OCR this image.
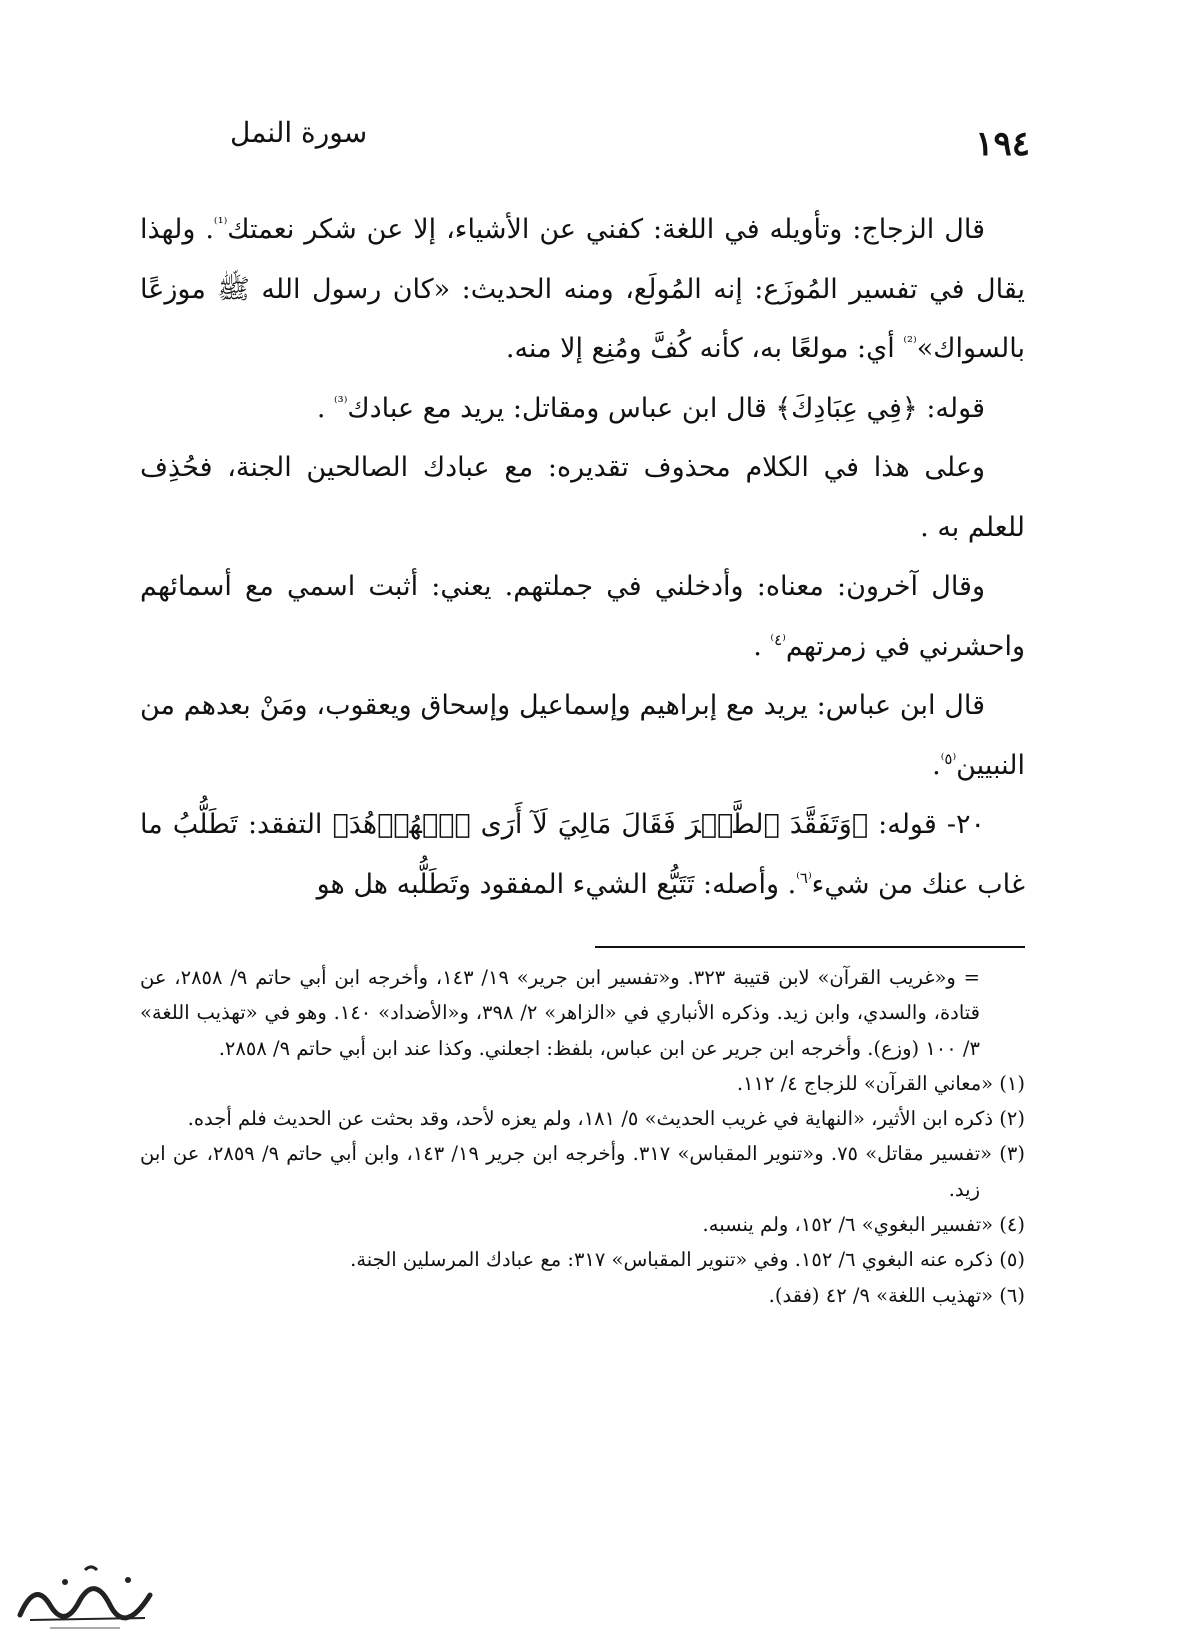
١٩٤
سورة النمل

قال الزجاج: وتأويله في اللغة: كفني عن الأشياء، إلا عن شكر نعمتك$^{^{(1)}}$. ولهذا يقال في تفسير المُوزَع: إنه المُولَع، ومنه الحديث: «كان رسول الله ﷺ موزعًا بالسواك»$^{^{(2)}}$ أي: مولعًا به، كأنه كُفَّ ومُنِع إلا منه.

قوله: ﴿فِي عِبَادِكَ﴾ قال ابن عباس ومقاتل: يريد مع عبادك$^{^{(3)}}$ .

وعلى هذا في الكلام محذوف تقديره: مع عبادك الصالحين الجنة، فحُذِف للعلم به .

وقال آخرون: معناه: وأدخلني في جملتهم. يعني: أثبت اسمي مع أسمائهم واحشرني في زمرتهم$^{^(٤^)}$ .

قال ابن عباس: يريد مع إبراهيم وإسماعيل وإسحاق ويعقوب، ومَنْ بعدهم من النبيين$^{^(٥^)}$.

٢٠- قوله: ﴿وَتَفَقَّدَ ٱلطَّيۡرَ فَقَالَ مَالِيَ لَآ أَرَى ٱلۡهُدۡهُدَ﴾ التفقد: تَطَلُّبُ ما غاب عنك من شيء$^{^(٦^)}$. وأصله: تَتَبُّع الشيء المفقود وتَطَلُّبه هل هو

= و«غريب القرآن» لابن قتيبة ٣٢٣. و«تفسير ابن جرير» ١٩/ ١٤٣، وأخرجه ابن أبي حاتم ٩/ ٢٨٥٨، عن قتادة، والسدي، وابن زيد. وذكره الأنباري في «الزاهر» ٢/ ٣٩٨، و«الأضداد» ١٤٠. وهو في «تهذيب اللغة» ٣/ ١٠٠ (وزع). وأخرجه ابن جرير عن ابن عباس، بلفظ: اجعلني. وكذا عند ابن أبي حاتم ٩/ ٢٨٥٨.

(١) «معاني القرآن» للزجاج ٤/ ١١٢.

(٢) ذكره ابن الأثير، «النهاية في غريب الحديث» ٥/ ١٨١، ولم يعزه لأحد، وقد بحثت عن الحديث فلم أجده.

(٣) «تفسير مقاتل» ٧٥. و«تنوير المقباس» ٣١٧. وأخرجه ابن جرير ١٩/ ١٤٣، وابن أبي حاتم ٩/ ٢٨٥٩، عن ابن زيد.

(٤) «تفسير البغوي» ٦/ ١٥٢، ولم ينسبه.

(٥) ذكره عنه البغوي ٦/ ١٥٢. وفي «تنوير المقباس» ٣١٧: مع عبادك المرسلين الجنة.

(٦) «تهذيب اللغة» ٩/ ٤٢ (فقد).
